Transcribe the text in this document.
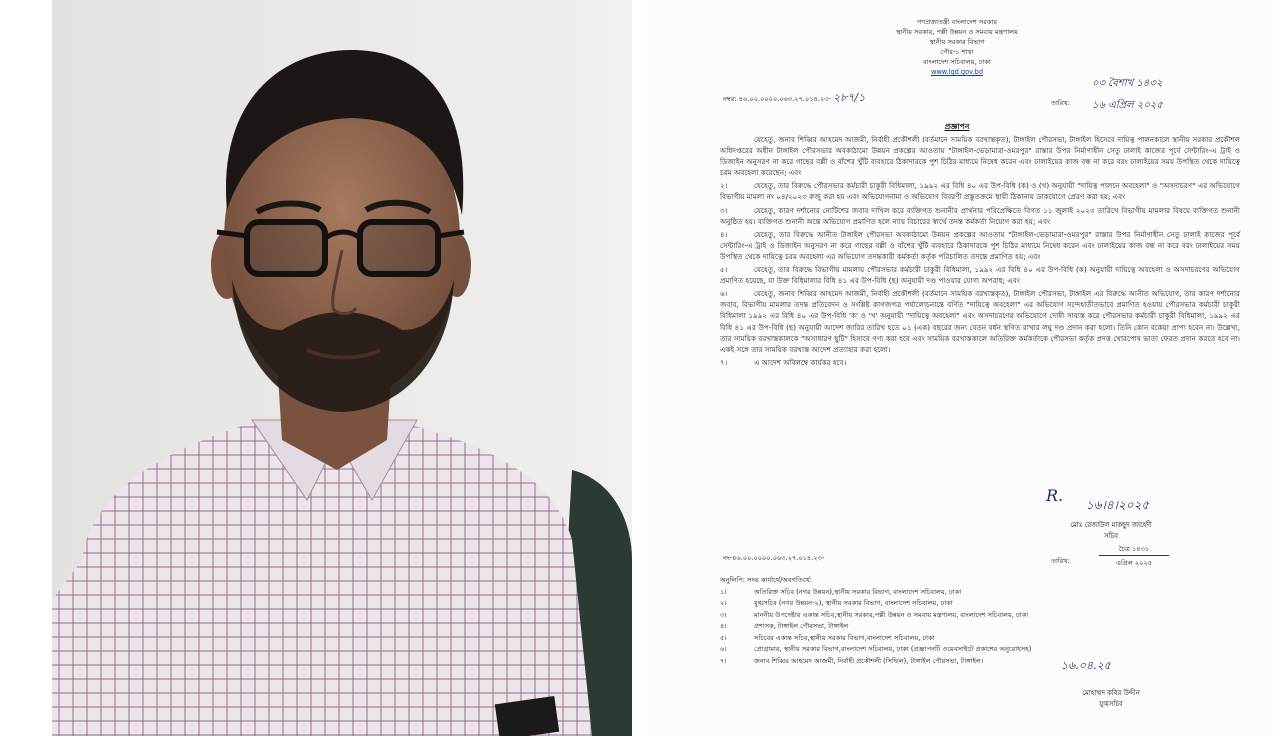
গণপ্রজাতন্ত্রী বাংলাদেশ সরকার
স্থানীয় সরকার, পল্লী উন্নয়ন ও সমবায় মন্ত্রণালয়
স্থানীয় সরকার বিভাগ
পৌর-১ শাখা
বাংলাদেশ সচিবালয়, ঢাকা
www.lgd.gov.bd
নম্বর: ৪৬.০০.০০০০.০৬৩.২৭.০১৪.২৩- ২৮৭/১
০৩ বৈশাখ ১৪৩২
তারিখ: ১৬ এপ্রিল ২০২৫
প্রজ্ঞাপন

যেহেতু, জনাব শিব্বির আহমেদ আজমী, নির্বাহী প্রকৌশলী (বর্তমানে সাময়িক বরখাস্তকৃত), টাঙ্গাইল পৌরসভা, টাঙ্গাইল হিসেবে দায়িত্ব পালনকালে স্থানীয় সরকার প্রকৌশল অধিদপ্তরের অধীন টাঙ্গাইল পৌরসভার অবকাঠামো উন্নয়ন প্রকল্পের আওতায় "টাঙ্গাইল-ভেড়ামারা-ওমরপুর" রাস্তার উপর নির্মাণাধীন সেতু ঢালাই কাজের পূর্বে সেন্টারিং-এ ট্রাই ও ডিজাইন অনুসরণ না করে গাছের বল্লী ও বাঁশের খুঁটি ব্যবহারে ঠিকাদারকে পুশ চিঠির মাধ্যমে নিষেধ করেন এবং ঢালাইয়ের কাজ বন্ধ না করে বরং ঢালাইয়ের সময় উপস্থিত থেকে দায়িত্বে চরম অবহেলা করেছেন; এবং

২।	যেহেতু, তার বিরুদ্ধে পৌরসভার কর্মচারী চাকুরী বিধিমালা, ১৯৯২ এর বিধি ৪০ এর উপ-বিধি (ক) ও (খ) অনুযায়ী "দায়িত্ব পালনে অবহেলা" ও "অসদাচরণ" এর অভিযোগে বিভাগীয় মামলা নং ০৪/২০২৩ রুজু করা হয় এবং অভিযোগনামা ও অভিযোগ বিবরণী প্রস্তুতক্রমে স্থায়ী ঠিকানায় ডাকযোগে প্রেরণ করা হয়; এবং

৩।	যেহেতু, কারণ দর্শানোর নোটিশের জবাব দাখিল করে ব্যক্তিগত শুনানীর প্রার্থনার পরিপ্রেক্ষিতে বিগত ১১ জুলাই ২০২৩ তারিখে বিভাগীয় মামলার বিষয়ে ব্যক্তিগত শুনানী অনুষ্ঠিত হয়। ব্যক্তিগত শুনানী অন্তে অভিযোগ প্রমাণিত হলে ন্যায় বিচারের স্বার্থে তদন্ত কর্মকর্তা নিয়োগ করা হয়; এবং

৪।	যেহেতু, তার বিরুদ্ধে আনীত টাঙ্গাইল পৌরসভা অবকাঠামো উন্নয়ন প্রকল্পের আওতায় "টাঙ্গাইল-ভেড়ামারা-ওমরপুর" রাস্তার উপর নির্মাণাধীন সেতু ঢালাই কাজের পূর্বে সেন্টারিং-এ ট্রাই ও ডিজাইন অনুসরণ না করে গাছের বল্লী ও বাঁশের খুঁটি ব্যবহারে ঠিকাদারকে পুশ চিঠির মাধ্যমে নিষেধ করেন এবং ঢালাইয়ের কাজ বন্ধ না করে বরং ঢালাইয়ের সময় উপস্থিত থেকে দায়িত্বে চরম অবহেলা এর অভিযোগ তদন্তকারী কর্মকর্তা কর্তৃক পরিচালিত তদন্তে প্রমাণিত হয়; এবং

৫।	যেহেতু, তার বিরুদ্ধে বিভাগীয় মামলায় পৌরসভার কর্মচারী চাকুরী বিধিমালা, ১৯৯২ এর বিধি ৪০ এর উপ-বিধি (ক) অনুযায়ী দায়িত্বে অবহেলা ও অসদাচরণের অভিযোগ প্রমাণিত হয়েছে, যা উক্ত বিধিমালার বিধি ৪১ এর উপ-বিধি (ছ) অনুযায়ী দণ্ড পাওয়ার যোগ্য অপরাধ; এবং

৬।	যেহেতু, জনাব শিব্বির আহমেদ আজমী, নির্বাহী প্রকৌশলী (বর্তমানে সাময়িক বরখাস্তকৃত), টাঙ্গাইল পৌরসভা, টাঙ্গাইল এর বিরুদ্ধে আনীত অভিযোগ, তার কারণ দর্শানোর জবাব, বিভাগীয় মামলার তদন্ত প্রতিবেদন ও সংশ্লিষ্ট কাগজপত্র পর্যালোচনান্তে বর্ণিত "দায়িত্বে অবহেলা" এর অভিযোগ সন্দেহাতীতভাবে প্রমাণিত হওয়ায় পৌরসভার কর্মচারী চাকুরী বিধিমালা ১৯৯২ এর বিধি ৪০ এর উপ-বিধি 'ক' ও 'খ' অনুযায়ী "দায়িত্বে অবহেলা" এবং অসদাচরণের অভিযোগে দোষী সাব্যস্ত করে পৌরসভার কর্মচারী চাকুরী বিধিমালা, ১৯৯২ এর বিধি ৪১ এর উপ-বিধি (ছ) অনুযায়ী আদেশ জারির তারিখ হতে ০১ (এক) বছরের জন্য বেতন বর্ধন স্থগিত রাখার লঘু দণ্ড প্রদান করা হলো। তিনি কোন বকেয়া প্রাপ্য হবেন না। উল্লেখ্য, তার সাময়িক বরখাস্তকালকে "অসাধারণ ছুটি" হিসাবে গণ্য করা হবে এবং সাময়িক বরখাস্তকালে অতিরিক্ত কর্মকর্তাকে পৌরসভা কর্তৃক প্রদত্ত খোরপোষ ভাতা ফেরত প্রদান করতে হবে না। একই সঙ্গে তার সাময়িক বরখাস্ত আদেশ প্রত্যাহার করা হলো।

৭।	এ আদেশ অবিলম্বে কার্যকর হবে।

R. ১৬।৪।২০২৫
মোঃ রেজাউল মাকছুদ জাহেদী
সচিব
নং-৪৬.০০.০০০০.০৬৩.২৭.০১৪.২৩-	তারিখ:
চৈত্র ১৪৩১
এপ্রিল ২০২৫
অনুলিপি: সদয় কার্যার্থে/অবগতির্থে:
১।	অতিরিক্ত সচিব (নগর উন্নয়ন),স্থানীয় সরকার বিভাগ, বাংলাদেশ সচিবালয়, ঢাকা
২।	যুগ্মসচিব (নগর উন্নয়ন-২), স্থানীয় সরকার বিভাগ, বাংলাদেশ সচিবালয়, ঢাকা
৩।	মাননীয় উপদেষ্টার একান্ত সচিব,স্থানীয় সরকার,পল্লী উন্নয়ন ও সমবায় মন্ত্রণালয়, বাংলাদেশ সচিবালয়, ঢাকা
৪।	প্রশাসক, টাঙ্গাইল পৌরসভা, টাঙ্গাইল
৫।	সচিবের একান্ত সচিব,স্থানীয় সরকার বিভাগ,বাংলাদেশ সচিবালয়, ঢাকা
৬।	প্রোগ্রামার, স্থানীয় সরকার বিভাগ,বাংলাদেশ সচিবালয়, ঢাকা (প্রজ্ঞাপনটি ওয়েবসাইটে প্রকাশের অনুরোধসহ)
৭।	জনাব শিব্বির আহমেদ আজমী, নির্বাহী প্রকৌশলী (সিভিল), টাঙ্গাইল পৌরসভা, টাঙ্গাইল।	১৬.০৪.২৫
মোহাম্মদ কবির উদ্দীন
যুগ্মসচিব
